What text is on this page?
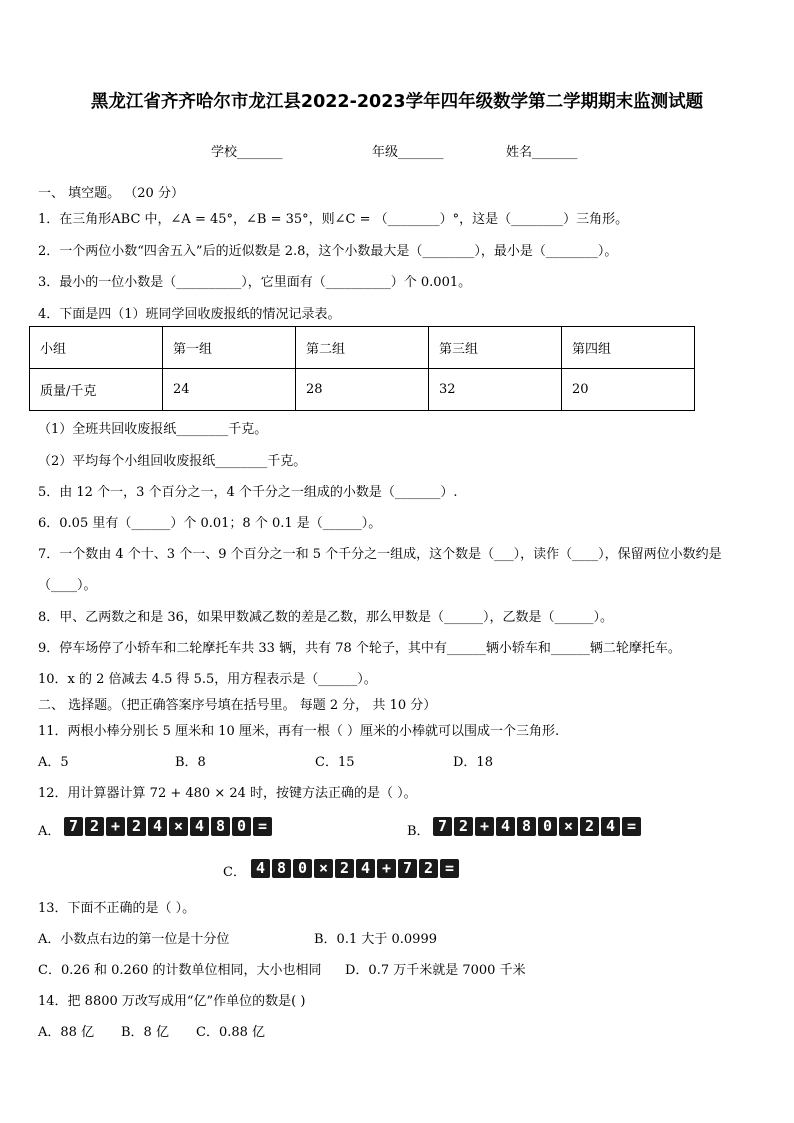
黑龙江省齐齐哈尔市龙江县2022-2023学年四年级数学第二学期期末监测试题
学校_______	年级_______	姓名_______
一、 填空题。 （20 分）
1．在三角形ABC 中，∠A = 45°，∠B = 35°，则∠C = （________）°，这是（________）三角形。
2．一个两位小数“四舍五入”后的近似数是 2.8，这个小数最大是（________），最小是（________）。
3．最小的一位小数是（__________），它里面有（__________）个 0.001。
4．下面是四（1）班同学回收废报纸的情况记录表。
小组	第一组	第二组	第三组	第四组
质量/千克	24	28	32	20
（1）全班共回收废报纸________千克。
（2）平均每个小组回收废报纸________千克。
5．由 12 个一，3 个百分之一，4 个千分之一组成的小数是（_______）.
6．0.05 里有（______）个 0.01；8 个 0.1 是（______）。
7．一个数由 4 个十、3 个一、9 个百分之一和 5 个千分之一组成，这个数是（___），读作（____），保留两位小数约是
（____）。
8．甲、乙两数之和是 36，如果甲数减乙数的差是乙数，那么甲数是（______），乙数是（______）。
9．停车场停了小轿车和二轮摩托车共 33 辆，共有 78 个轮子，其中有______辆小轿车和______辆二轮摩托车。
10．x 的 2 倍减去 4.5 得 5.5，用方程表示是（______）。
二、 选择题。（把正确答案序号填在括号里。 每题 2 分， 共 10 分）
11．两根小棒分别长 5 厘米和 10 厘米，再有一根（ ）厘米的小棒就可以围成一个三角形.
A．5	B．8	C．15	D．18
12．用计算器计算 72 + 480 × 24 时，按键方法正确的是（ ）。
A． 7 2 + 2 4 × 4 8 0 =	B． 7 2 + 4 8 0 × 2 4 =
C． 4 8 0 × 2 4 + 7 2 =
13．下面不正确的是（ ）。
A．小数点右边的第一位是十分位	B．0.1 大于 0.0999
C．0.26 和 0.260 的计数单位相同，大小也相同 D．0.7 万千米就是 7000 千米
14．把 8800 万改写成用“亿”作单位的数是( )
A．88 亿 B．8 亿 C．0.88 亿
